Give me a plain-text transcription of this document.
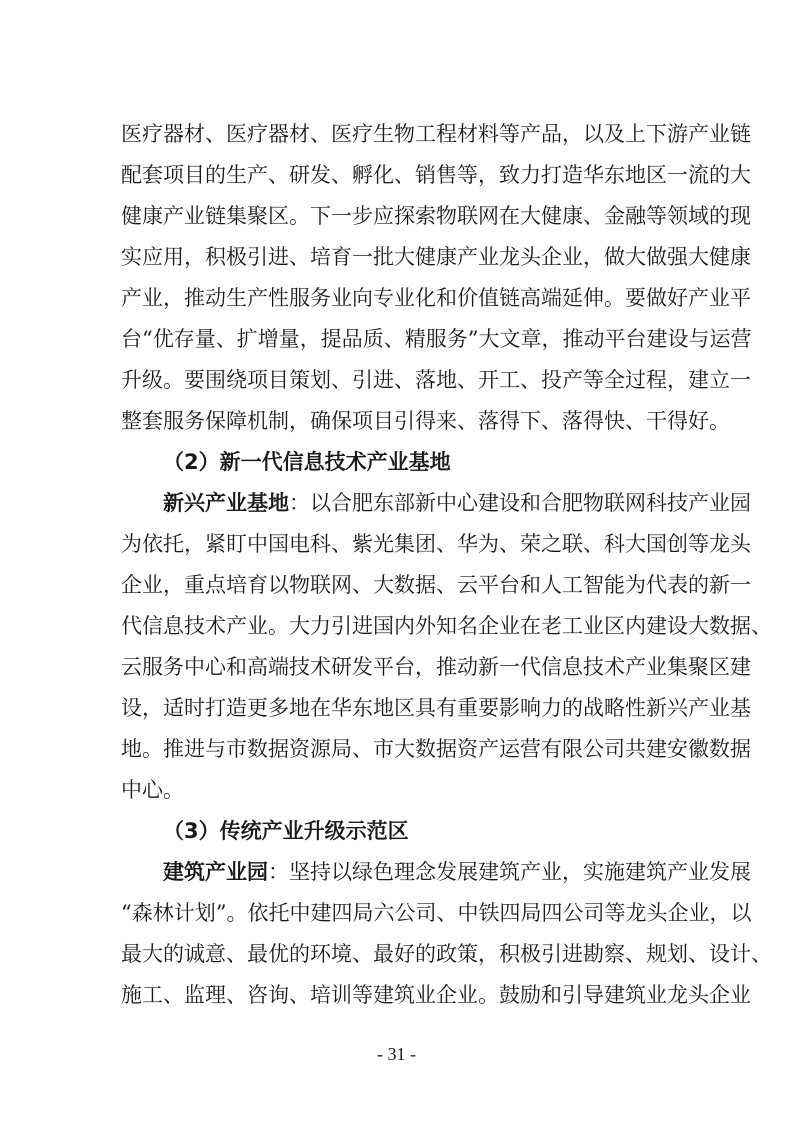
医疗器材、医疗器材、医疗生物工程材料等产品，以及上下游产业链
配套项目的生产、研发、孵化、销售等，致力打造华东地区一流的大
健康产业链集聚区。下一步应探索物联网在大健康、金融等领域的现
实应用，积极引进、培育一批大健康产业龙头企业，做大做强大健康
产业，推动生产性服务业向专业化和价值链高端延伸。要做好产业平
台“优存量、扩增量，提品质、精服务”大文章，推动平台建设与运营
升级。要围绕项目策划、引进、落地、开工、投产等全过程，建立一
整套服务保障机制，确保项目引得来、落得下、落得快、干得好。
（2）新一代信息技术产业基地
新兴产业基地：以合肥东部新中心建设和合肥物联网科技产业园
为依托，紧盯中国电科、紫光集团、华为、荣之联、科大国创等龙头
企业，重点培育以物联网、大数据、云平台和人工智能为代表的新一
代信息技术产业。大力引进国内外知名企业在老工业区内建设大数据、
云服务中心和高端技术研发平台，推动新一代信息技术产业集聚区建
设，适时打造更多地在华东地区具有重要影响力的战略性新兴产业基
地。推进与市数据资源局、市大数据资产运营有限公司共建安徽数据
中心。
（3）传统产业升级示范区
建筑产业园：坚持以绿色理念发展建筑产业，实施建筑产业发展
“森林计划”。依托中建四局六公司、中铁四局四公司等龙头企业，以
最大的诚意、最优的环境、最好的政策，积极引进勘察、规划、设计、
施工、监理、咨询、培训等建筑业企业。鼓励和引导建筑业龙头企业
- 31 -
